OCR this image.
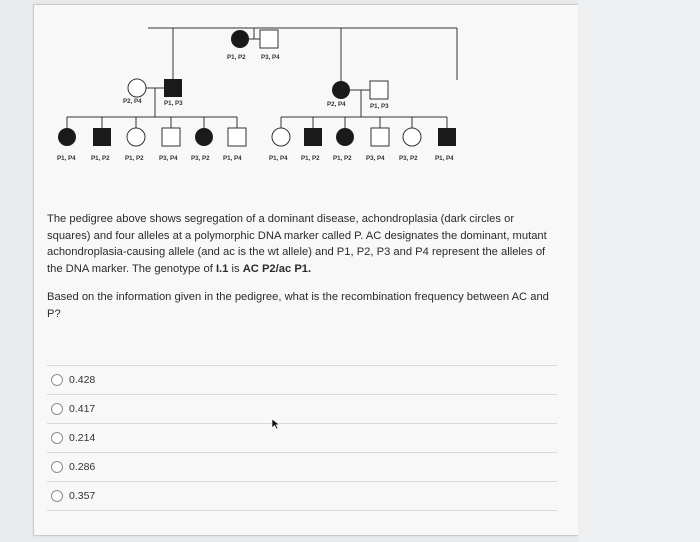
P1, P2 P3, P4
P2, P4	P1, P3	P2, P4	P1, P3
P1, P4 P1, P2 P1, P2 P3, P4 P3, P2 P1, P4	P1, P4 P1, P2 P1, P2 P3, P4 P3, P2	P1, P4

The pedigree above shows segregation of a dominant disease, achondroplasia (dark circles or squares) and four alleles at a polymorphic DNA marker called P. AC designates the dominant, mutant achondroplasia-causing allele (and ac is the wt allele) and P1, P2, P3 and P4 represent the alleles of the DNA marker. The genotype of I.1 is AC P2/ac P1.

Based on the information given in the pedigree, what is the recombination frequency between AC and P?

0.428
0.417
0.214
0.286
0.357
